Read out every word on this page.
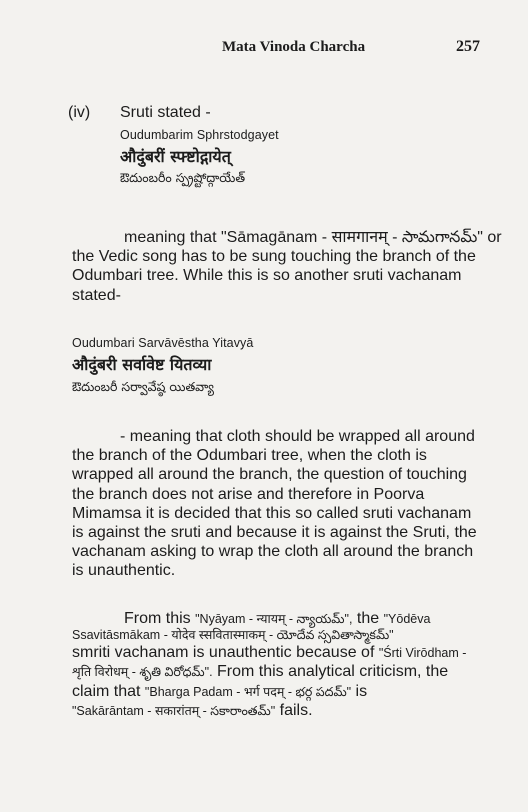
Mata Vinoda Charcha	257
(iv) Sruti stated -
Oudumbarim Sphrstodgayet
औदुंबरीं स्फ्ष्टोद्गायेत्
ఔదుంబరీం స్ప్రష్టోద్గాయేత్
meaning that "Sāmagānam - सामगानम् - సామగానమ్" or
the Vedic song has to be sung touching the branch of the
Odumbari tree. While this is so another sruti vachanam
stated-
Oudumbari Sarvāvēstha Yitavyā
औदुंबरी सर्वावेष्ट यितव्या
ఔదుంబరీ సర్వావేష్ఠ యితవ్యా
- meaning that cloth should be wrapped all around
the branch of the Odumbari tree, when the cloth is
wrapped all around the branch, the question of touching
the branch does not arise and therefore in Poorva
Mimamsa it is decided that this so called sruti vachanam
is against the sruti and because it is against the Sruti, the
vachanam asking to wrap the cloth all around the branch
is unauthentic.
From this "Nyāyam - न्यायम् - న్యాయమ్", the "Yōdēva
Ssavitāsmākam - योदेव स्सवितास्माकम् - యోదేవ స్సవితాస్మాకమ్"
smriti vachanam is unauthentic because of "Śrti Virōdham -
शृति विरोधम् - శృతి విరోధమ్". From this analytical criticism, the
claim that "Bharga Padam - भर्ग पदम् - భర్గ పదమ్" is
"Sakārāntam - सकारांतम् - సకారాంతమ్" fails.
